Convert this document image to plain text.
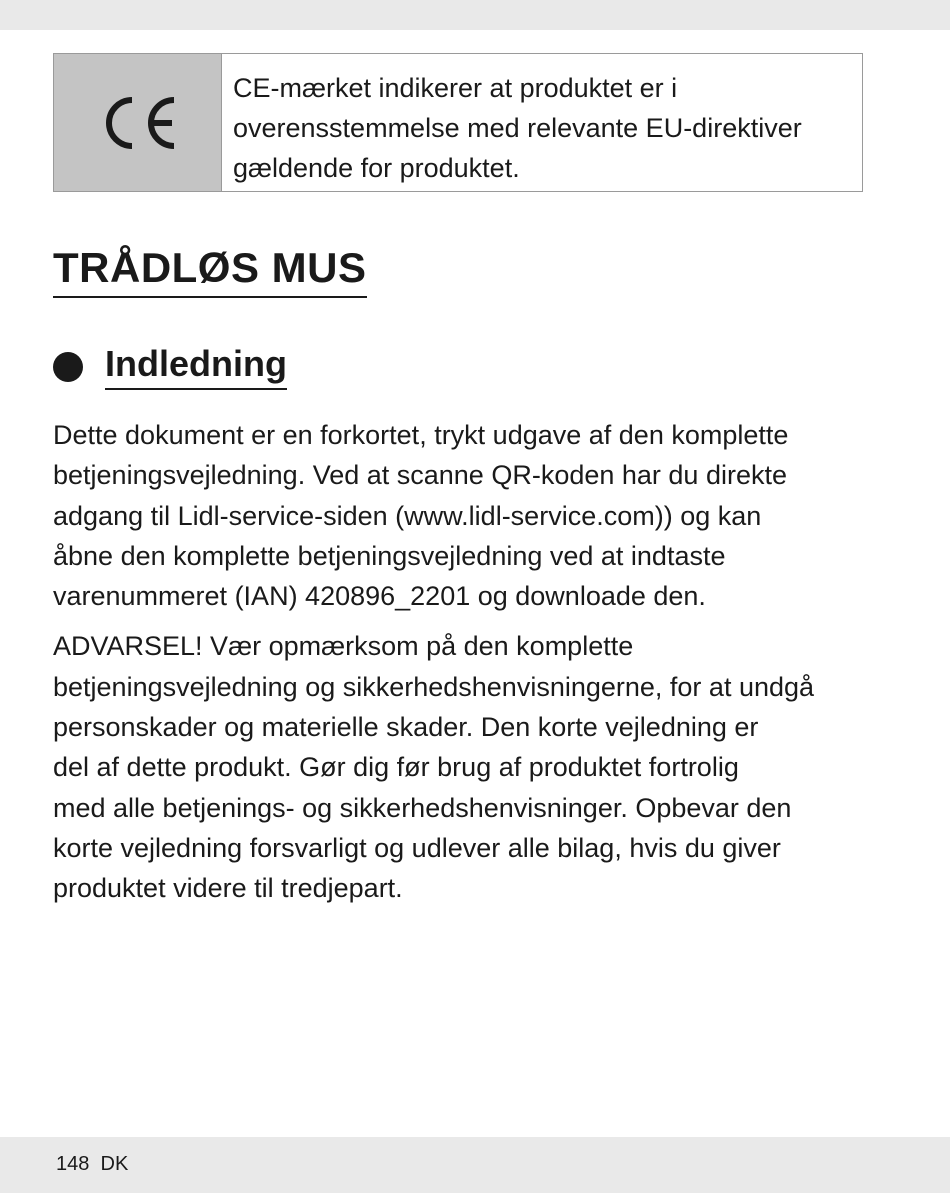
CE-mærket indikerer at produktet er i
overensstemmelse med relevante EU-direktiver
gældende for produktet.
TRÅDLØS MUS
Indledning

Dette dokument er en forkortet, trykt udgave af den komplette
betjeningsvejledning. Ved at scanne QR-koden har du direkte
adgang til Lidl-service-siden (www.lidl-service.com)) og kan
åbne den komplette betjeningsvejledning ved at indtaste
varenummeret (IAN) 420896_2201 og downloade den.

ADVARSEL! Vær opmærksom på den komplette
betjeningsvejledning og sikkerhedshenvisningerne, for at undgå
personskader og materielle skader. Den korte vejledning er
del af dette produkt. Gør dig før brug af produktet fortrolig
med alle betjenings- og sikkerhedshenvisninger. Opbevar den
korte vejledning forsvarligt og udlever alle bilag, hvis du giver
produktet videre til tredjepart.

148 DK
